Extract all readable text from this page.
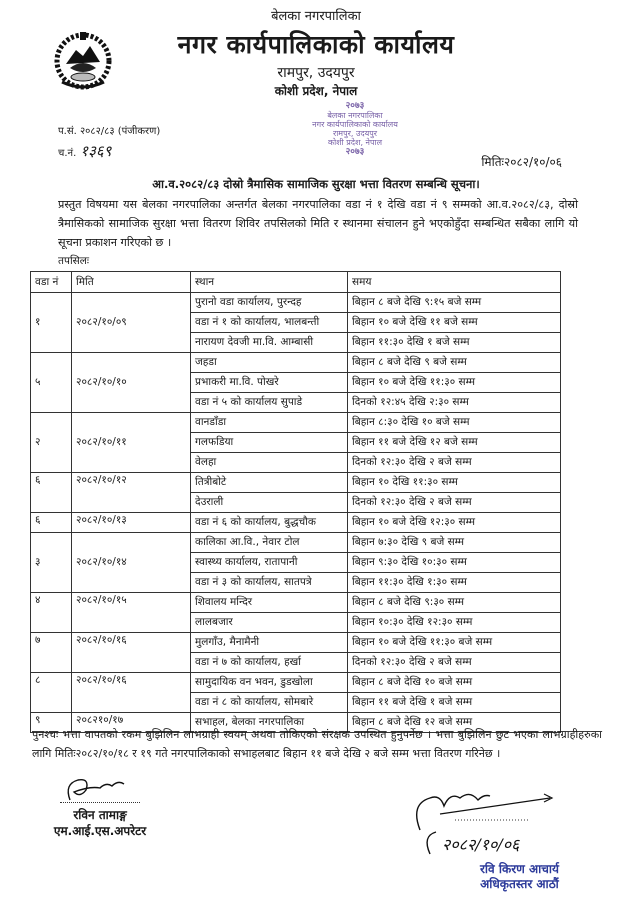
बेलका नगरपालिका
नगर कार्यपालिकाको कार्यालय
रामपुर, उदयपुर
कोशी प्रदेश, नेपाल
२०७३
बेलका नगरपालिका
नगर कार्यपालिकाको कार्यालय
रामपुर, उदयपुर
कोशी प्रदेश, नेपाल
२०७३
प.सं. २०८२/८३ (पंजीकरण)
च.नं. १३६९
मितिः२०८२/१०/०६
आ.व.२०८२/८३ दोस्रो त्रैमासिक सामाजिक सुरक्षा भत्ता वितरण सम्बन्धि सूचना।
प्रस्तुत विषयमा यस बेलका नगरपालिका अन्तर्गत बेलका नगरपालिका वडा नं १ देखि वडा नं ९ सम्मको आ.व.२०८२/८३, दोस्रो त्रैमासिकको सामाजिक सुरक्षा भत्ता वितरण शिविर तपसिलको मिति र स्थानमा संचालन हुने भएकोहुँदा सम्बन्धित सबैका लागि यो सूचना प्रकाशन गरिएको छ ।
तपसिलः
वडा नं	मिति	स्थान	समय
१	२०८२/१०/०९	पुरानो वडा कार्यालय, पुरन्दह	बिहान ८ बजे देखि ९:१५ बजे सम्म
		वडा नं १ को कार्यालय, भालबन्ती	बिहान १० बजे देखि ११ बजे सम्म
		नारायण देवजी मा.वि. आम्बासी	बिहान ११:३० देखि १ बजे सम्म
५	२०८२/१०/१०	जहडा	बिहान ८ बजे देखि ९ बजे सम्म
		प्रभाकरी मा.वि. पोखरे	बिहान १० बजे देखि ११:३० सम्म
		वडा नं ५ को कार्यालय सुपाडे	दिनको १२:४५ देखि २:३० सम्म
२	२०८२/१०/११	वानडाँडा	बिहान ८:३० देखि १० बजे सम्म
		गलफडिया	बिहान ११ बजे देखि १२ बजे सम्म
		वेलहा	दिनको १२:३० देखि २ बजे सम्म
६	२०८२/१०/१२	तित्रीबोटे	बिहान १० देखि ११:३० सम्म
		देउराली	दिनको १२:३० देखि २ बजे सम्म
६	२०८२/१०/१३	वडा नं ६ को कार्यालय, बुद्धचौक	बिहान १० बजे देखि १२:३० सम्म
३	२०८२/१०/१४	कालिका आ.वि., नेवार टोल	बिहान ७:३० देखि ९ बजे सम्म
		स्वास्थ्य कार्यालय, रातापानी	बिहान ९:३० देखि १०:३० सम्म
		वडा नं ३ को कार्यालय, सातपत्रे	बिहान ११:३० देखि १:३० सम्म
४	२०८२/१०/१५	शिवालय मन्दिर	बिहान ८ बजे देखि ९:३० सम्म
		लालबजार	बिहान १०:३० देखि १२:३० सम्म
७	२०८२/१०/१६	मुलगाँउ, मैनामैनी	बिहान १० बजे देखि ११:३० बजे सम्म
		वडा नं ७ को कार्यालय, हर्खा	दिनको १२:३० देखि २ बजे सम्म
८	२०८२/१०/१६	सामुदायिक वन भवन, डुडखोला	बिहान ८ बजे देखि १० बजे सम्म
		वडा नं ८ को कार्यालय, सोमबारे	बिहान ११ बजे देखि १ बजे सम्म
९	२०८२१०/१७	सभाहल, बेलका नगरपालिका	बिहान ८ बजे देखि १२ बजे सम्म
पुनश्चः भत्ता वापतको रकम बुझिलिन लाभग्राही स्वयम् अथवा तोकिएको संरक्षक उपस्थित हुनुपर्नेछ । भत्ता बुझिलिन छुट भएका लाभग्राहीहरुका लागि मितिः२०८२/१०/१८ र १९ गते नगरपालिकाको सभाहलबाट बिहान ११ बजे देखि २ बजे सम्म भत्ता वितरण गरिनेछ ।
रविन तामाङ्ग
एम.आई.एस.अपरेटर
२०८२/१०/०६
रवि किरण आचार्य
अधिकृतस्तर आठौं
